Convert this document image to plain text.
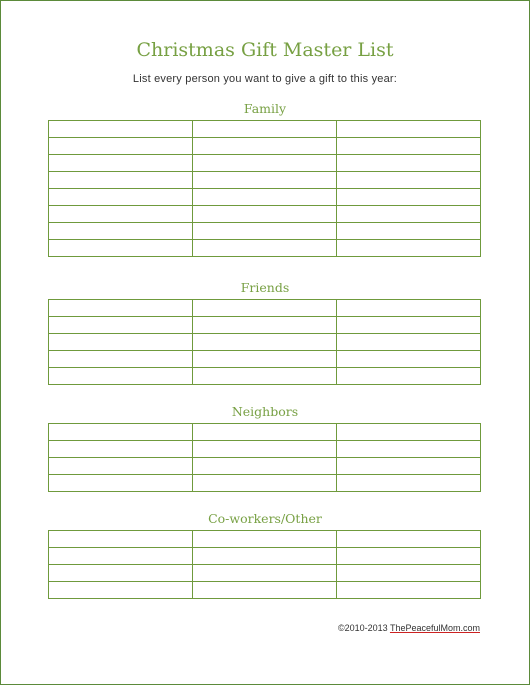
Christmas Gift Master List
List every person you want to give a gift to this year:
Family

Friends

Neighbors

Co-workers/Other

©2010-2013 ThePeacefulMom.com
